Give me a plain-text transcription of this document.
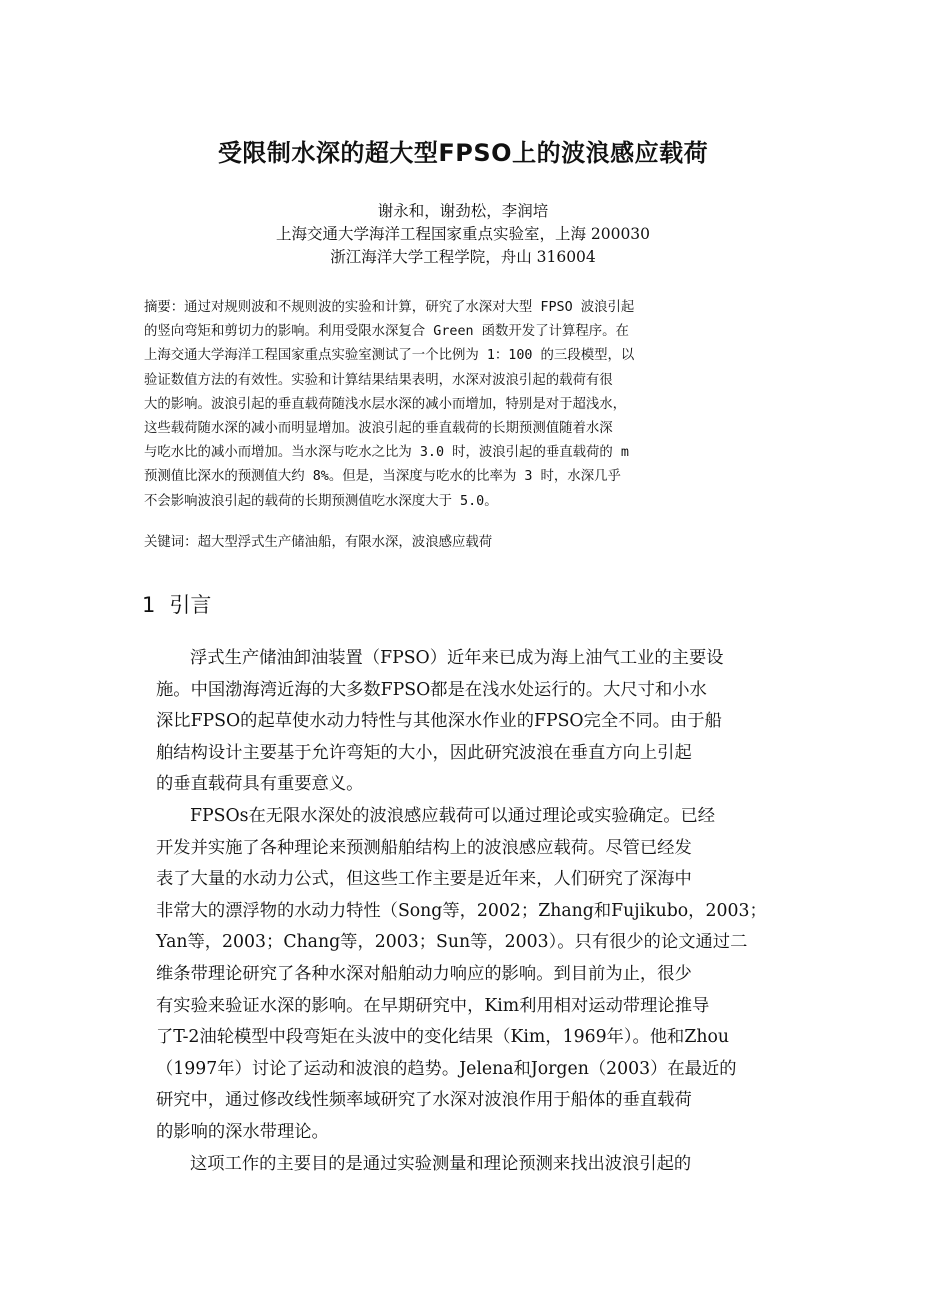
受限制水深的超大型FPSO上的波浪感应载荷
谢永和，谢劲松，李润培
上海交通大学海洋工程国家重点实验室，上海 200030
浙江海洋大学工程学院，舟山 316004
摘要：通过对规则波和不规则波的实验和计算，研究了水深对大型 FPSO 波浪引起
的竖向弯矩和剪切力的影响。利用受限水深复合 Green 函数开发了计算程序。在
上海交通大学海洋工程国家重点实验室测试了一个比例为 1：100 的三段模型，以
验证数值方法的有效性。实验和计算结果结果表明，水深对波浪引起的载荷有很
大的影响。波浪引起的垂直载荷随浅水层水深的减小而增加，特别是对于超浅水，
这些载荷随水深的减小而明显增加。波浪引起的垂直载荷的长期预测值随着水深
与吃水比的减小而增加。当水深与吃水之比为 3.0 时，波浪引起的垂直载荷的 m
预测值比深水的预测值大约 8%。但是，当深度与吃水的比率为 3 时，水深几乎
不会影响波浪引起的载荷的长期预测值吃水深度大于 5.0。
关键词：超大型浮式生产储油船，有限水深，波浪感应载荷
1 引言
浮式生产储油卸油装置（FPSO）近年来已成为海上油气工业的主要设
施。中国渤海湾近海的大多数FPSO都是在浅水处运行的。大尺寸和小水
深比FPSO的起草使水动力特性与其他深水作业的FPSO完全不同。由于船
舶结构设计主要基于允许弯矩的大小，因此研究波浪在垂直方向上引起
的垂直载荷具有重要意义。
FPSOs在无限水深处的波浪感应载荷可以通过理论或实验确定。已经
开发并实施了各种理论来预测船舶结构上的波浪感应载荷。尽管已经发
表了大量的水动力公式，但这些工作主要是近年来，人们研究了深海中
非常大的漂浮物的水动力特性（Song等，2002；Zhang和Fujikubo，2003；
Yan等，2003；Chang等，2003；Sun等，2003）。只有很少的论文通过二
维条带理论研究了各种水深对船舶动力响应的影响。到目前为止，很少
有实验来验证水深的影响。在早期研究中，Kim利用相对运动带理论推导
了T-2油轮模型中段弯矩在头波中的变化结果（Kim，1969年）。他和Zhou
（1997年）讨论了运动和波浪的趋势。Jelena和Jorgen（2003）在最近的
研究中，通过修改线性频率域研究了水深对波浪作用于船体的垂直载荷
的影响的深水带理论。
这项工作的主要目的是通过实验测量和理论预测来找出波浪引起的
